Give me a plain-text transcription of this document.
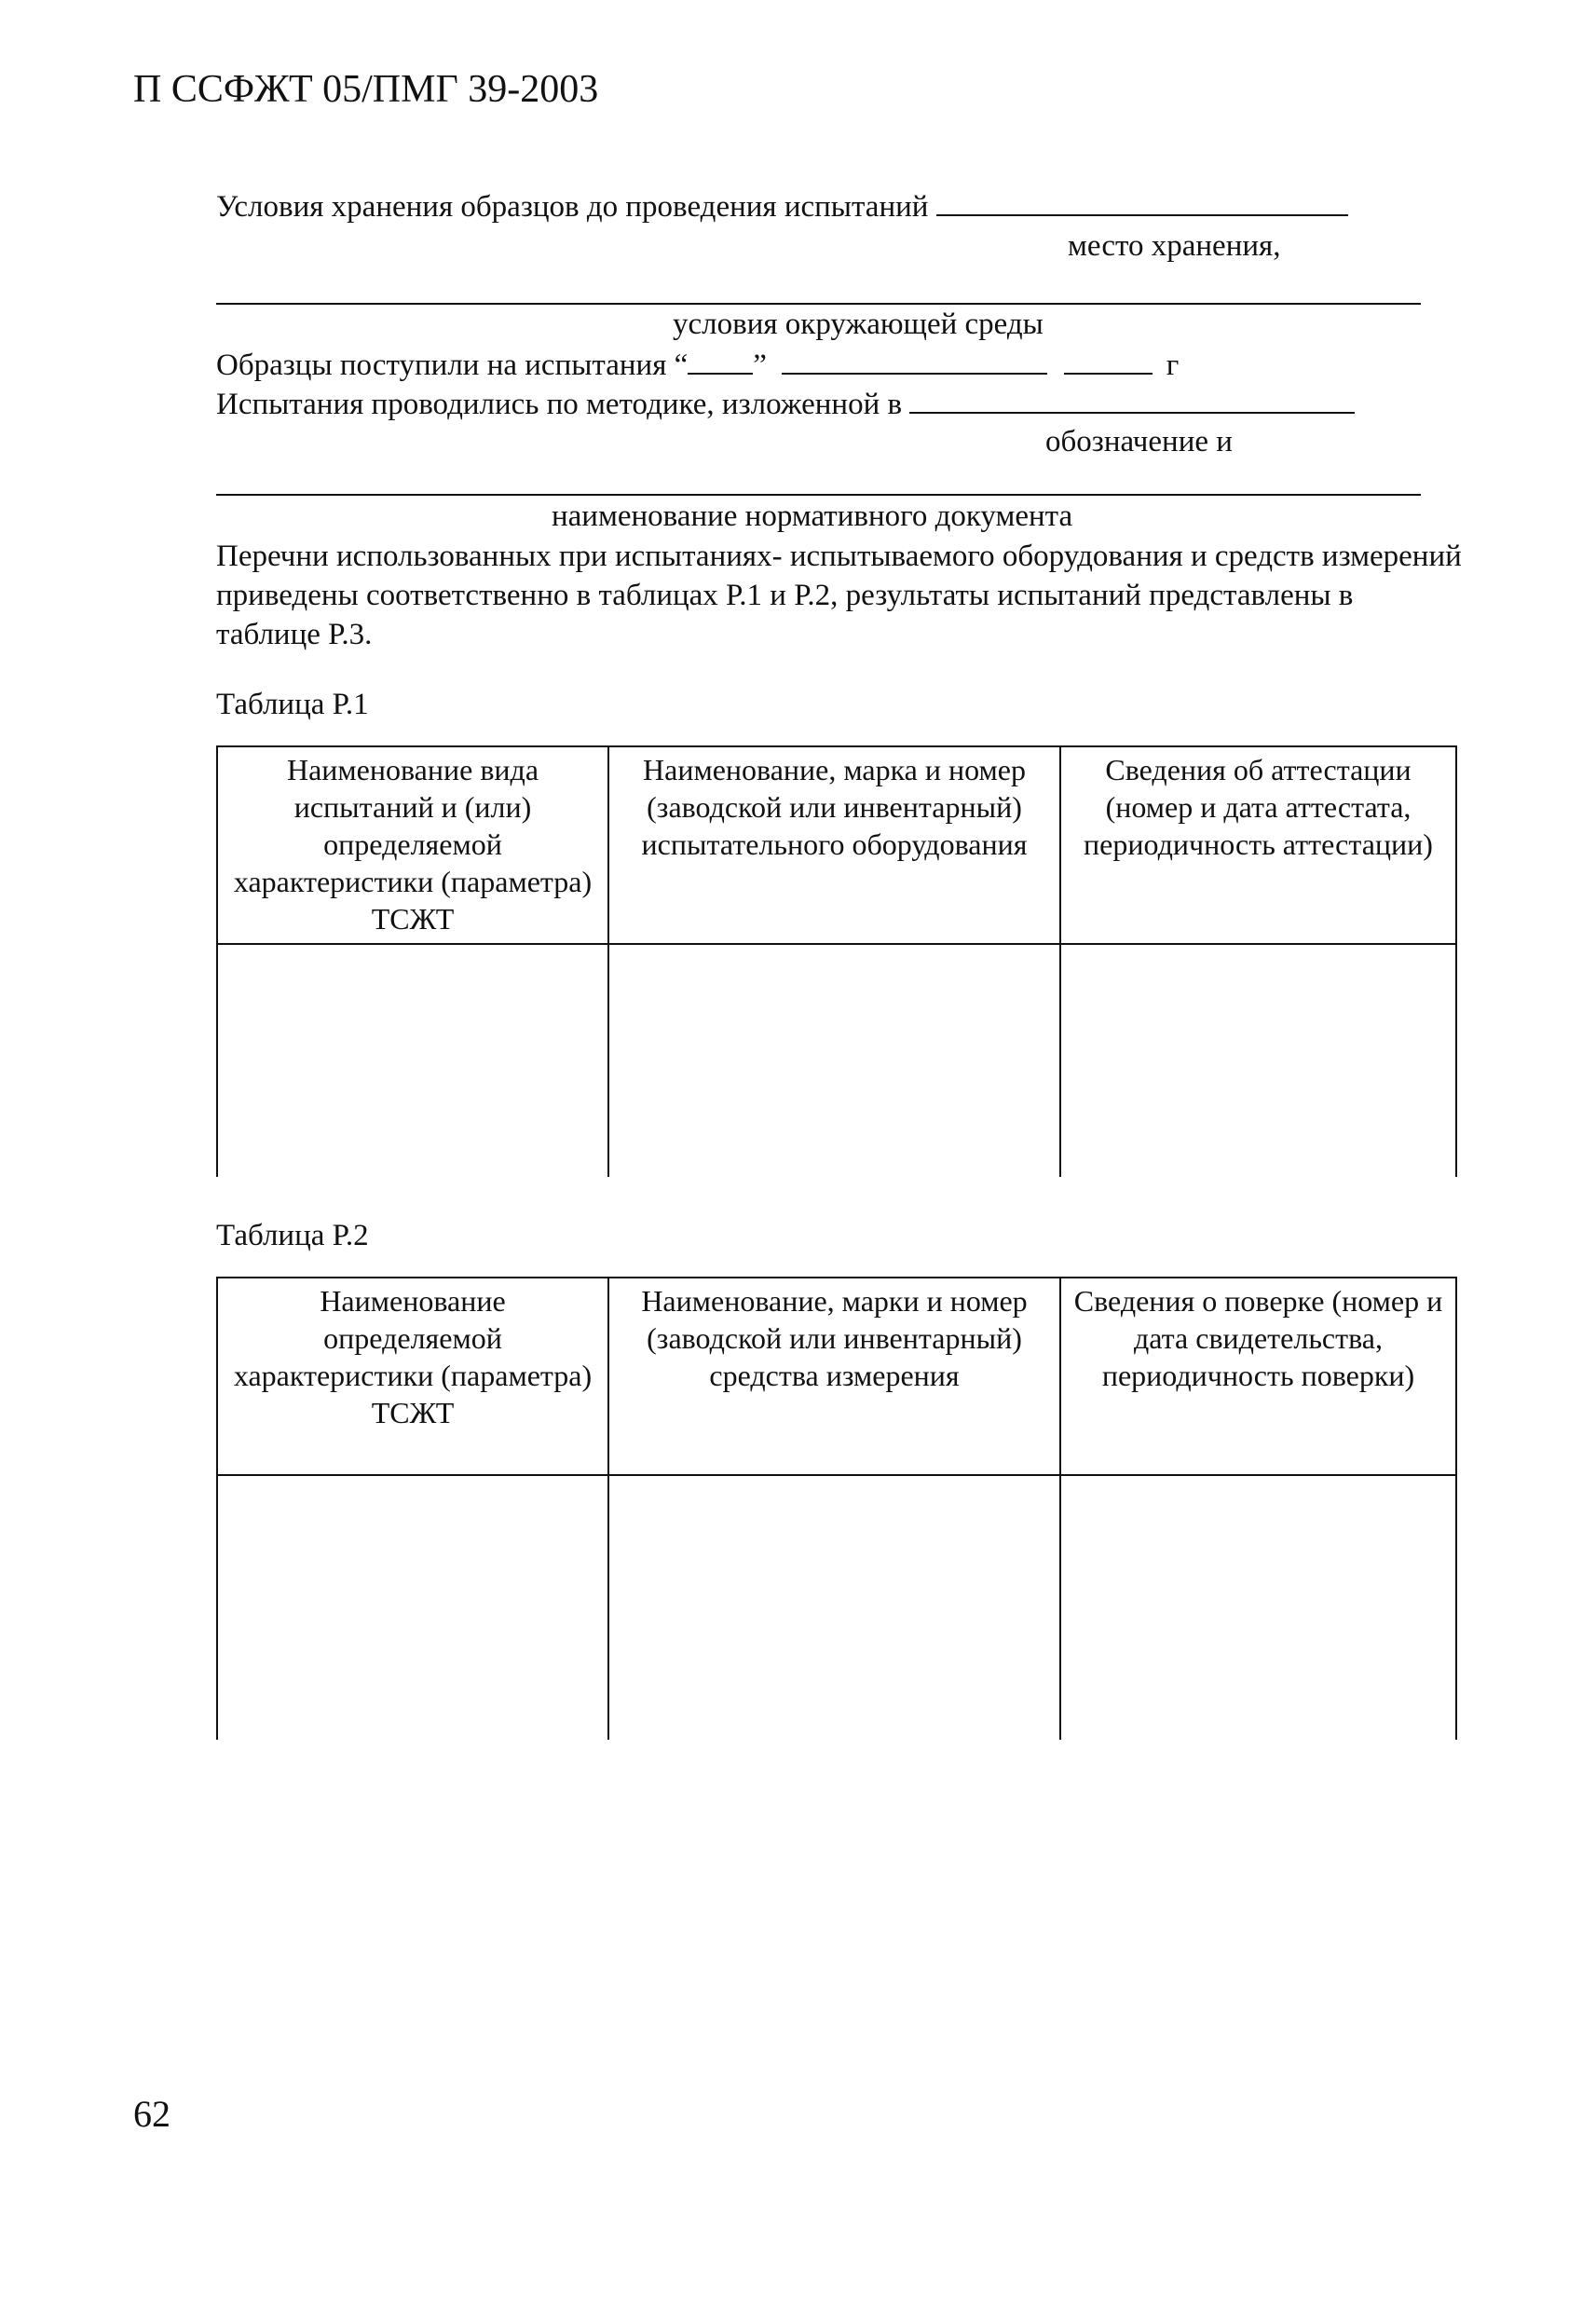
П ССФЖТ 05/ПМГ 39-2003
Условия хранения образцов до проведения испытаний
место хранения,
условия окружающей среды
Образцы поступили на испытания “ ”	г
Испытания проводились по методике, изложенной в
обозначение и
наименование нормативного документа
Перечни использованных при испытаниях- испытываемого оборудования и средств измерений приведены соответственно в таблицах Р.1 и Р.2, результаты испытаний представлены в таблице Р.3.
Таблица Р.1
Наименование вида испытаний и (или) определяемой характеристики (параметра) ТСЖТ	Наименование, марка и номер (заводской или инвентарный) испытательного оборудования	Сведения об аттестации (номер и дата аттестата, периодичность аттестации)

Таблица Р.2
Наименование определяемой характеристики (параметра) ТСЖТ	Наименование, марки и номер (заводской или инвентарный) средства измерения	Сведения о поверке (номер и дата свидетельства, периодичность поверки)

62
